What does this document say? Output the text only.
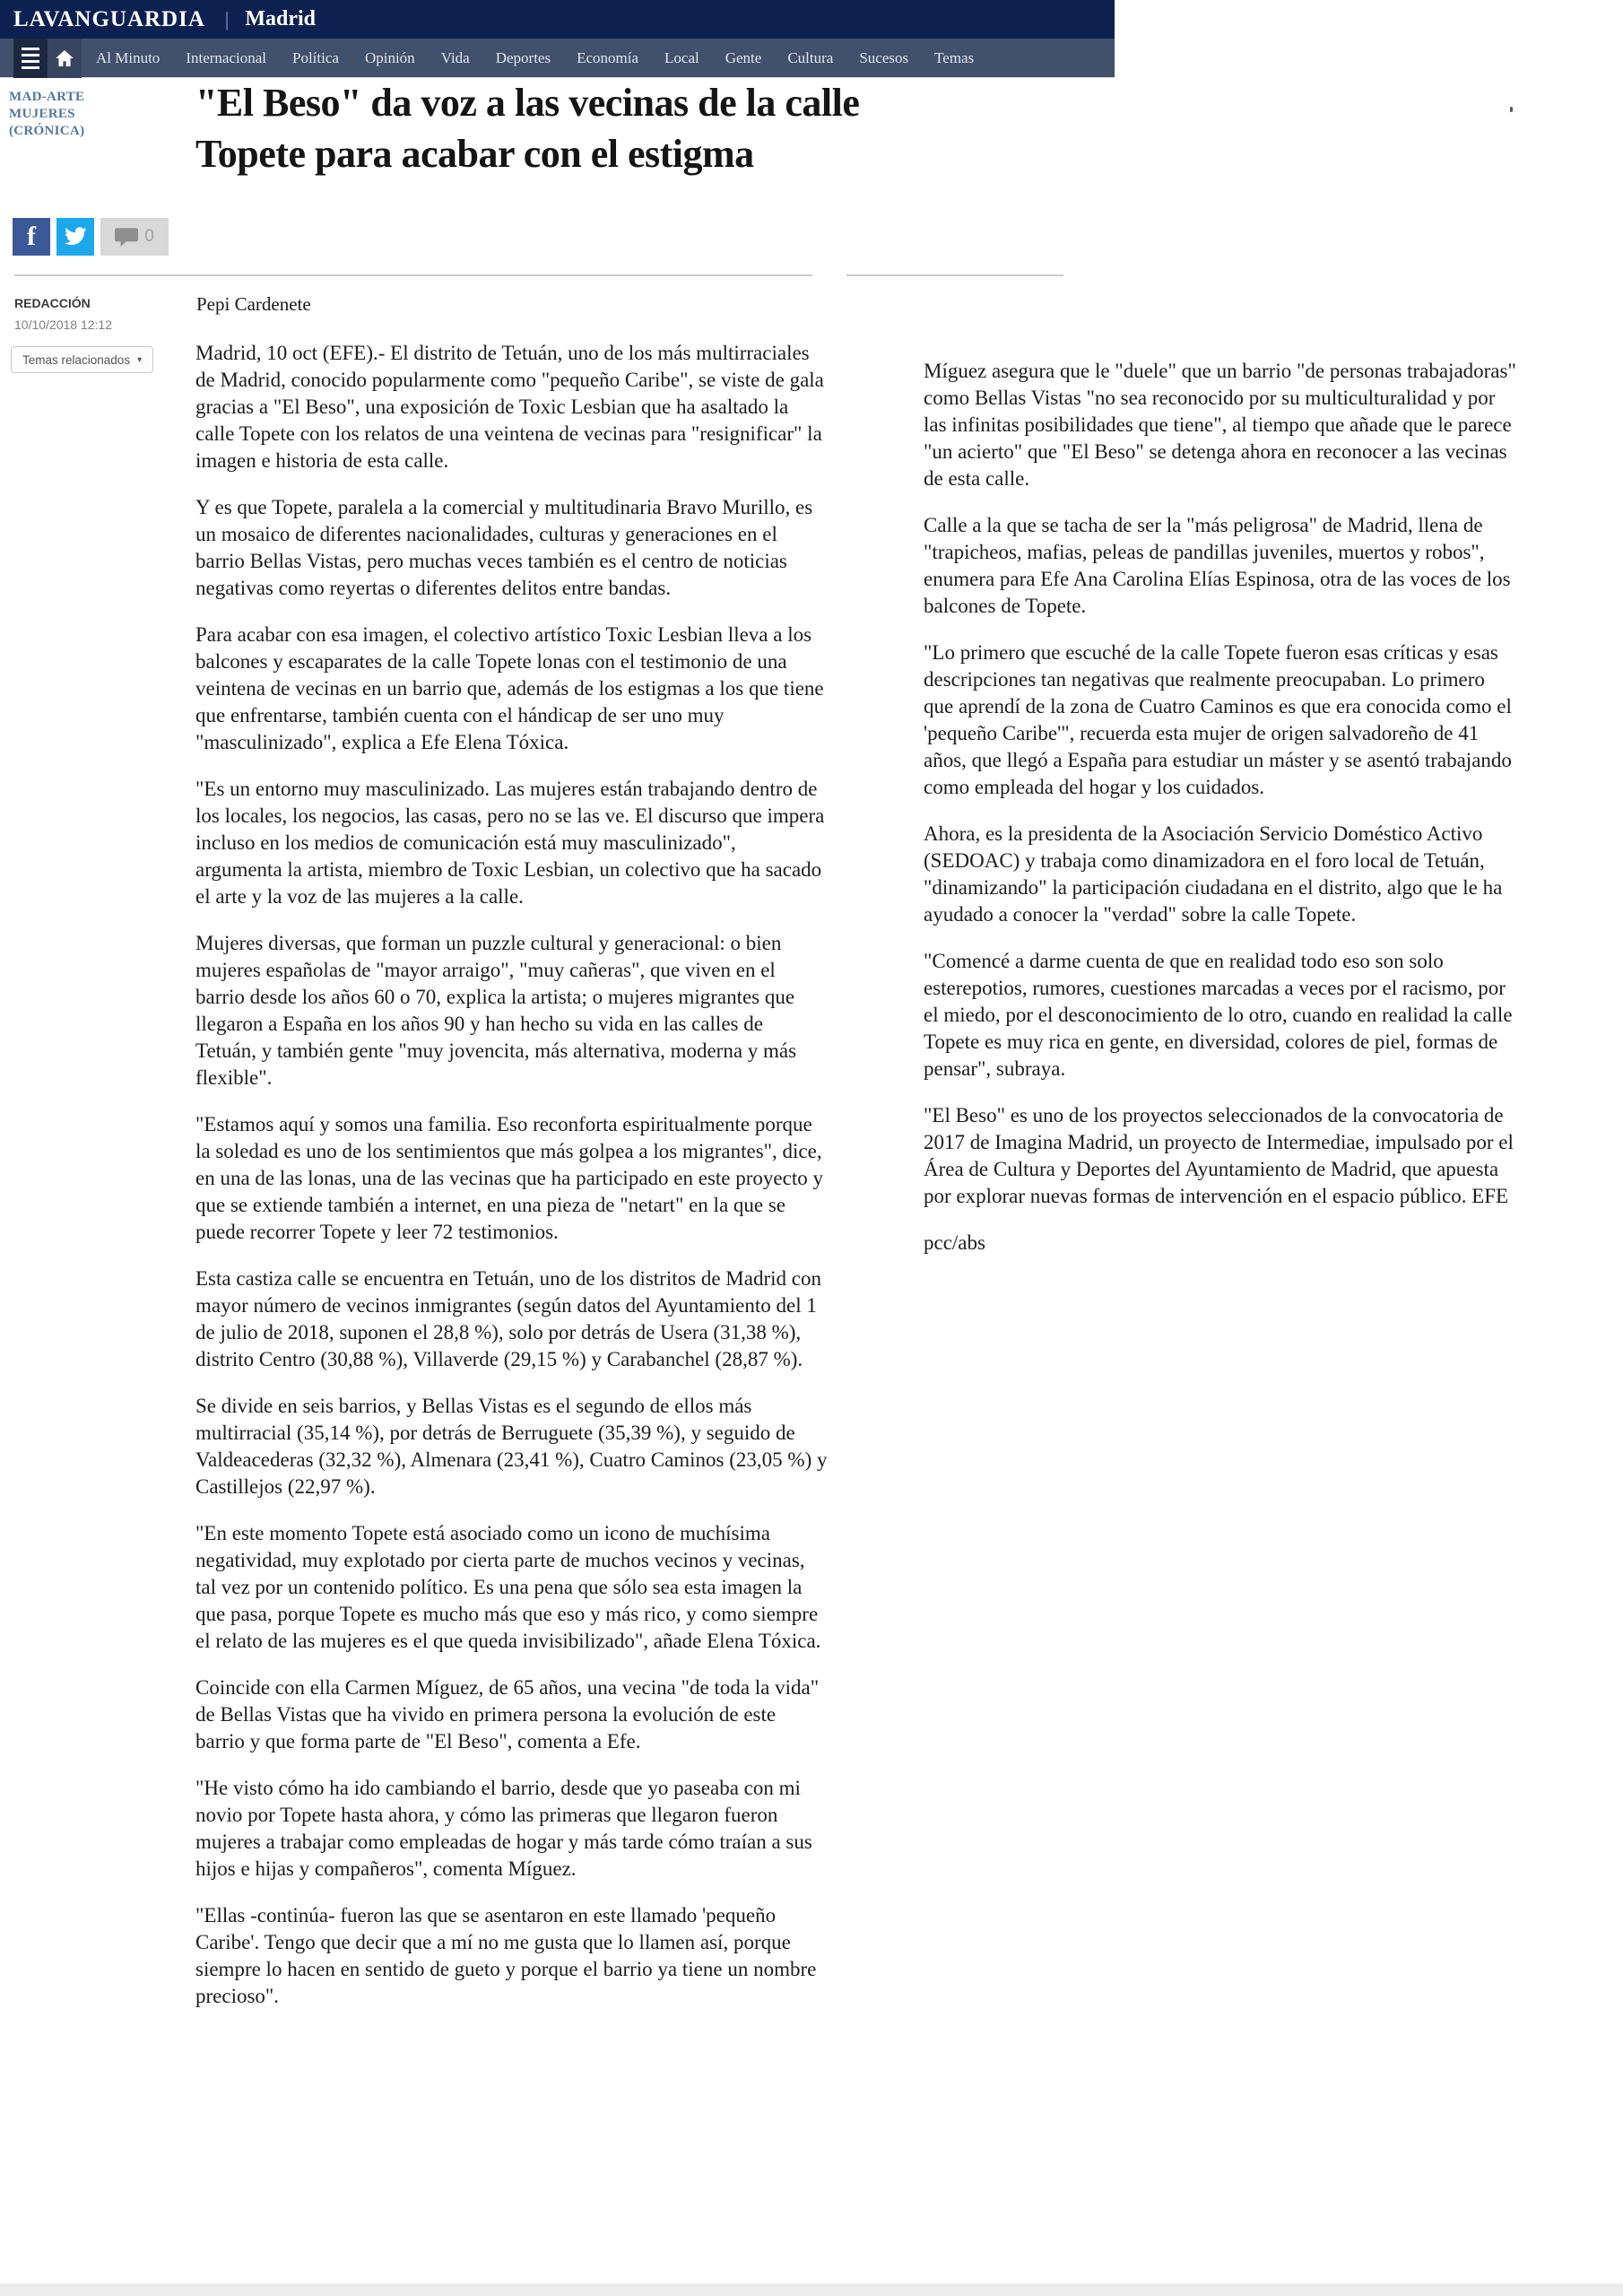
LAVANGUARDIA | Madrid
Al Minuto Internacional Política Opinión Vida Deportes Economía Local Gente Cultura Sucesos Temas
MAD-ARTE
MUJERES
(CRÓNICA)
"El Beso" da voz a las vecinas de la calle
Topete para acabar con el estigma
f	0
REDACCIÓN
10/10/2018 12:12
Temas relacionados ▾
Pepi Cardenete

Madrid, 10 oct (EFE).- El distrito de Tetuán, uno de los más multirraciales de Madrid, conocido popularmente como "pequeño Caribe", se viste de gala gracias a "El Beso", una exposición de Toxic Lesbian que ha asaltado la calle Topete con los relatos de una veintena de vecinas para "resignificar" la imagen e historia de esta calle.

Y es que Topete, paralela a la comercial y multitudinaria Bravo Murillo, es un mosaico de diferentes nacionalidades, culturas y generaciones en el barrio Bellas Vistas, pero muchas veces también es el centro de noticias negativas como reyertas o diferentes delitos entre bandas.

Para acabar con esa imagen, el colectivo artístico Toxic Lesbian lleva a los balcones y escaparates de la calle Topete lonas con el testimonio de una veintena de vecinas en un barrio que, además de los estigmas a los que tiene que enfrentarse, también cuenta con el hándicap de ser uno muy "masculinizado", explica a Efe Elena Tóxica.

"Es un entorno muy masculinizado. Las mujeres están trabajando dentro de los locales, los negocios, las casas, pero no se las ve. El discurso que impera incluso en los medios de comunicación está muy masculinizado", argumenta la artista, miembro de Toxic Lesbian, un colectivo que ha sacado el arte y la voz de las mujeres a la calle.

Mujeres diversas, que forman un puzzle cultural y generacional: o bien mujeres españolas de "mayor arraigo", "muy cañeras", que viven en el barrio desde los años 60 o 70, explica la artista; o mujeres migrantes que llegaron a España en los años 90 y han hecho su vida en las calles de Tetuán, y también gente "muy jovencita, más alternativa, moderna y más flexible".

"Estamos aquí y somos una familia. Eso reconforta espiritualmente porque la soledad es uno de los sentimientos que más golpea a los migrantes", dice, en una de las lonas, una de las vecinas que ha participado en este proyecto y que se extiende también a internet, en una pieza de "netart" en la que se puede recorrer Topete y leer 72 testimonios.

Esta castiza calle se encuentra en Tetuán, uno de los distritos de Madrid con mayor número de vecinos inmigrantes (según datos del Ayuntamiento del 1 de julio de 2018, suponen el 28,8 %), solo por detrás de Usera (31,38 %), distrito Centro (30,88 %), Villaverde (29,15 %) y Carabanchel (28,87 %).

Se divide en seis barrios, y Bellas Vistas es el segundo de ellos más multirracial (35,14 %), por detrás de Berruguete (35,39 %), y seguido de Valdeacederas (32,32 %), Almenara (23,41 %), Cuatro Caminos (23,05 %) y Castillejos (22,97 %).

"En este momento Topete está asociado como un icono de muchísima negatividad, muy explotado por cierta parte de muchos vecinos y vecinas, tal vez por un contenido político. Es una pena que sólo sea esta imagen la que pasa, porque Topete es mucho más que eso y más rico, y como siempre el relato de las mujeres es el que queda invisibilizado", añade Elena Tóxica.

Coincide con ella Carmen Míguez, de 65 años, una vecina "de toda la vida" de Bellas Vistas que ha vivido en primera persona la evolución de este barrio y que forma parte de "El Beso", comenta a Efe.

"He visto cómo ha ido cambiando el barrio, desde que yo paseaba con mi novio por Topete hasta ahora, y cómo las primeras que llegaron fueron mujeres a trabajar como empleadas de hogar y más tarde cómo traían a sus hijos e hijas y compañeros", comenta Míguez.

"Ellas -continúa- fueron las que se asentaron en este llamado 'pequeño Caribe'. Tengo que decir que a mí no me gusta que lo llamen así, porque siempre lo hacen en sentido de gueto y porque el barrio ya tiene un nombre precioso".

Míguez asegura que le "duele" que un barrio "de personas trabajadoras" como Bellas Vistas "no sea reconocido por su multiculturalidad y por las infinitas posibilidades que tiene", al tiempo que añade que le parece "un acierto" que "El Beso" se detenga ahora en reconocer a las vecinas de esta calle.

Calle a la que se tacha de ser la "más peligrosa" de Madrid, llena de "trapicheos, mafias, peleas de pandillas juveniles, muertos y robos", enumera para Efe Ana Carolina Elías Espinosa, otra de las voces de los balcones de Topete.

"Lo primero que escuché de la calle Topete fueron esas críticas y esas descripciones tan negativas que realmente preocupaban. Lo primero que aprendí de la zona de Cuatro Caminos es que era conocida como el 'pequeño Caribe'", recuerda esta mujer de origen salvadoreño de 41 años, que llegó a España para estudiar un máster y se asentó trabajando como empleada del hogar y los cuidados.

Ahora, es la presidenta de la Asociación Servicio Doméstico Activo (SEDOAC) y trabaja como dinamizadora en el foro local de Tetuán, "dinamizando" la participación ciudadana en el distrito, algo que le ha ayudado a conocer la "verdad" sobre la calle Topete.

"Comencé a darme cuenta de que en realidad todo eso son solo esterepotios, rumores, cuestiones marcadas a veces por el racismo, por el miedo, por el desconocimiento de lo otro, cuando en realidad la calle Topete es muy rica en gente, en diversidad, colores de piel, formas de pensar", subraya.

"El Beso" es uno de los proyectos seleccionados de la convocatoria de 2017 de Imagina Madrid, un proyecto de Intermediae, impulsado por el Área de Cultura y Deportes del Ayuntamiento de Madrid, que apuesta por explorar nuevas formas de intervención en el espacio público. EFE

pcc/abs
